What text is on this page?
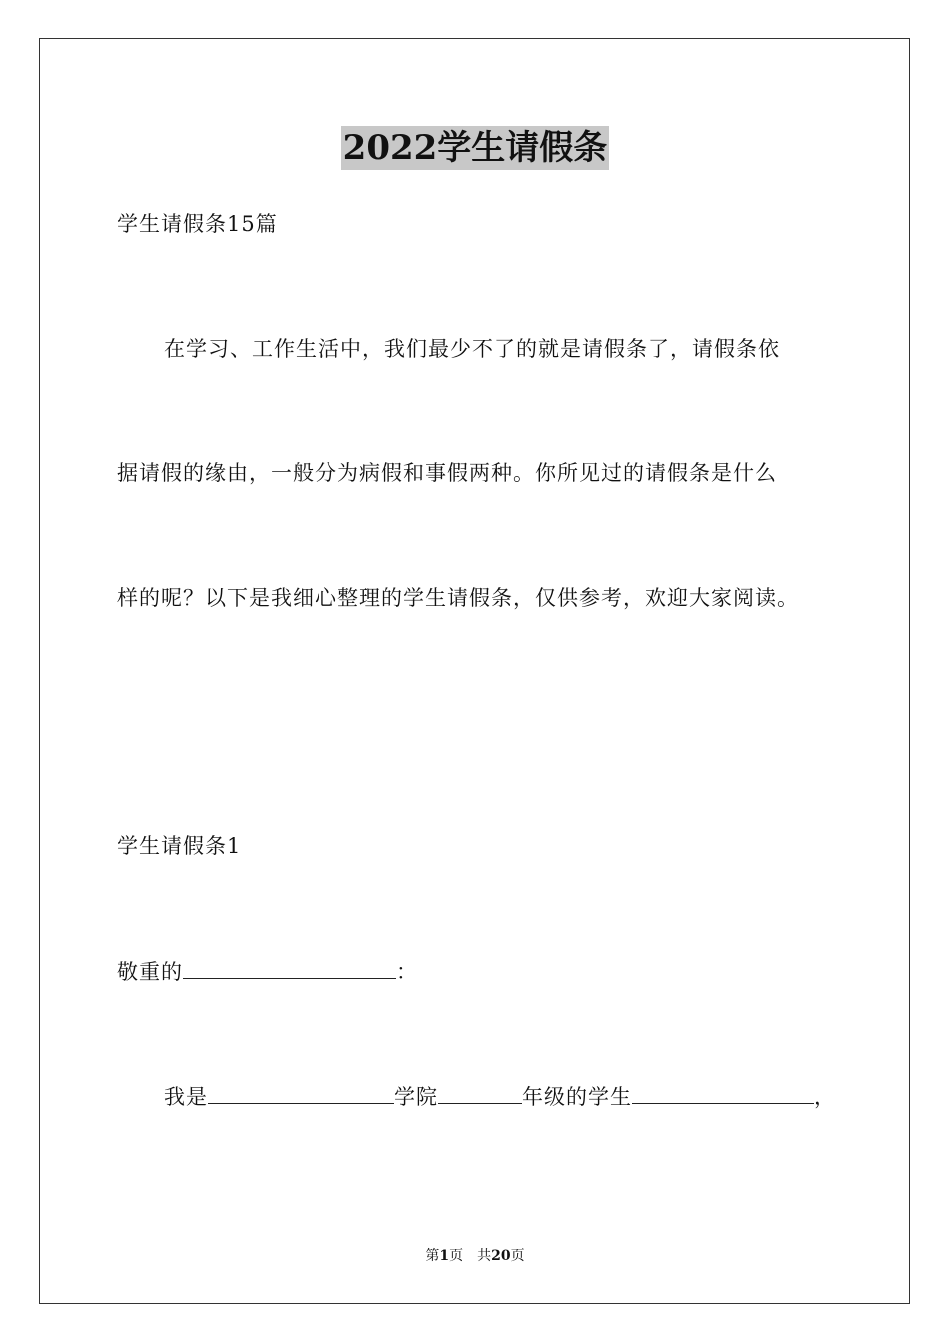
2022学生请假条
学生请假条15篇
在学习、工作生活中，我们最少不了的就是请假条了，请假条依
据请假的缘由，一般分为病假和事假两种。你所见过的请假条是什么
样的呢？以下是我细心整理的学生请假条，仅供参考，欢迎大家阅读。
学生请假条1
敬重的	：
我是	学院	年级的学生	，
第1页 共20页
